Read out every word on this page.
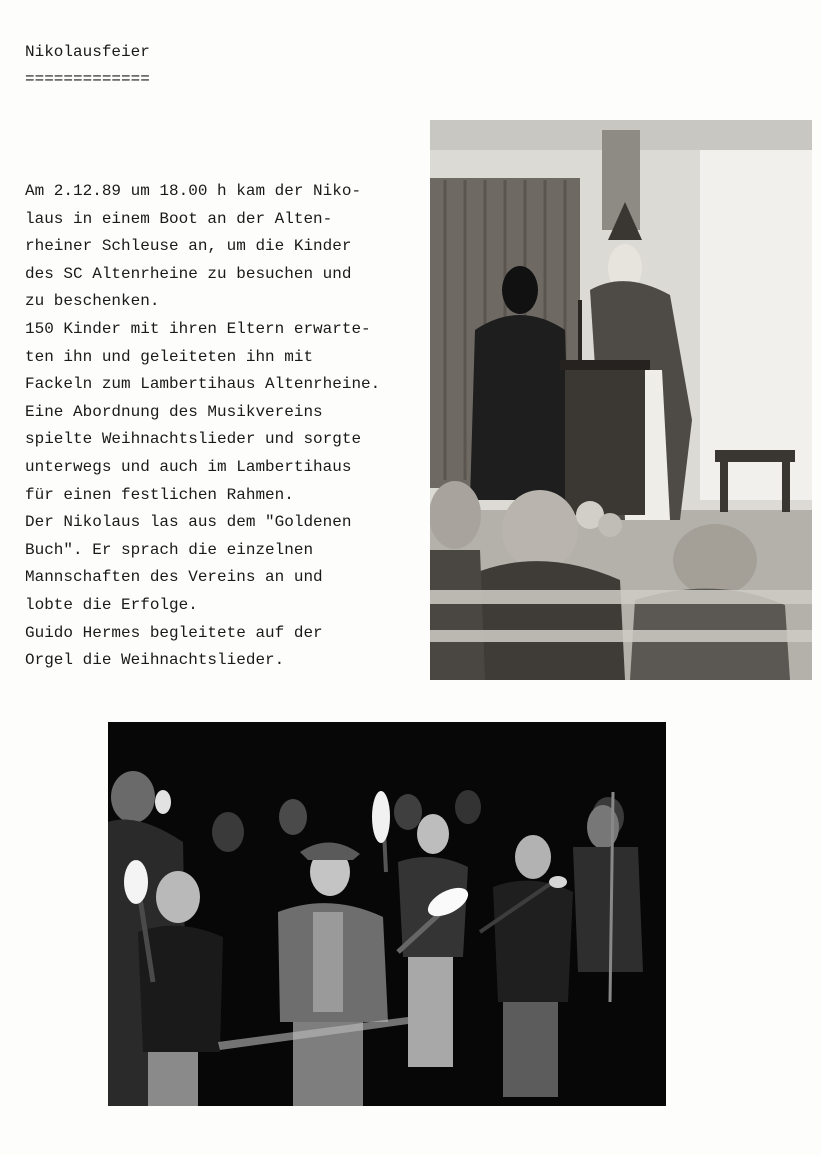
Nikolausfeier
=============
Am 2.12.89 um 18.00 h kam der Niko-
laus in einem Boot an der Alten-
rheiner Schleuse an, um die Kinder
des SC Altenrheine zu besuchen und
zu beschenken.
150 Kinder mit ihren Eltern erwarte-
ten ihn und geleiteten ihn mit
Fackeln zum Lambertihaus Altenrheine.
Eine Abordnung des Musikvereins
spielte Weihnachtslieder und sorgte
unterwegs und auch im Lambertihaus
für einen festlichen Rahmen.
Der Nikolaus las aus dem "Goldenen
Buch". Er sprach die einzelnen
Mannschaften des Vereins an und
lobte die Erfolge.
Guido Hermes begleitete auf der
Orgel die Weihnachtslieder.
